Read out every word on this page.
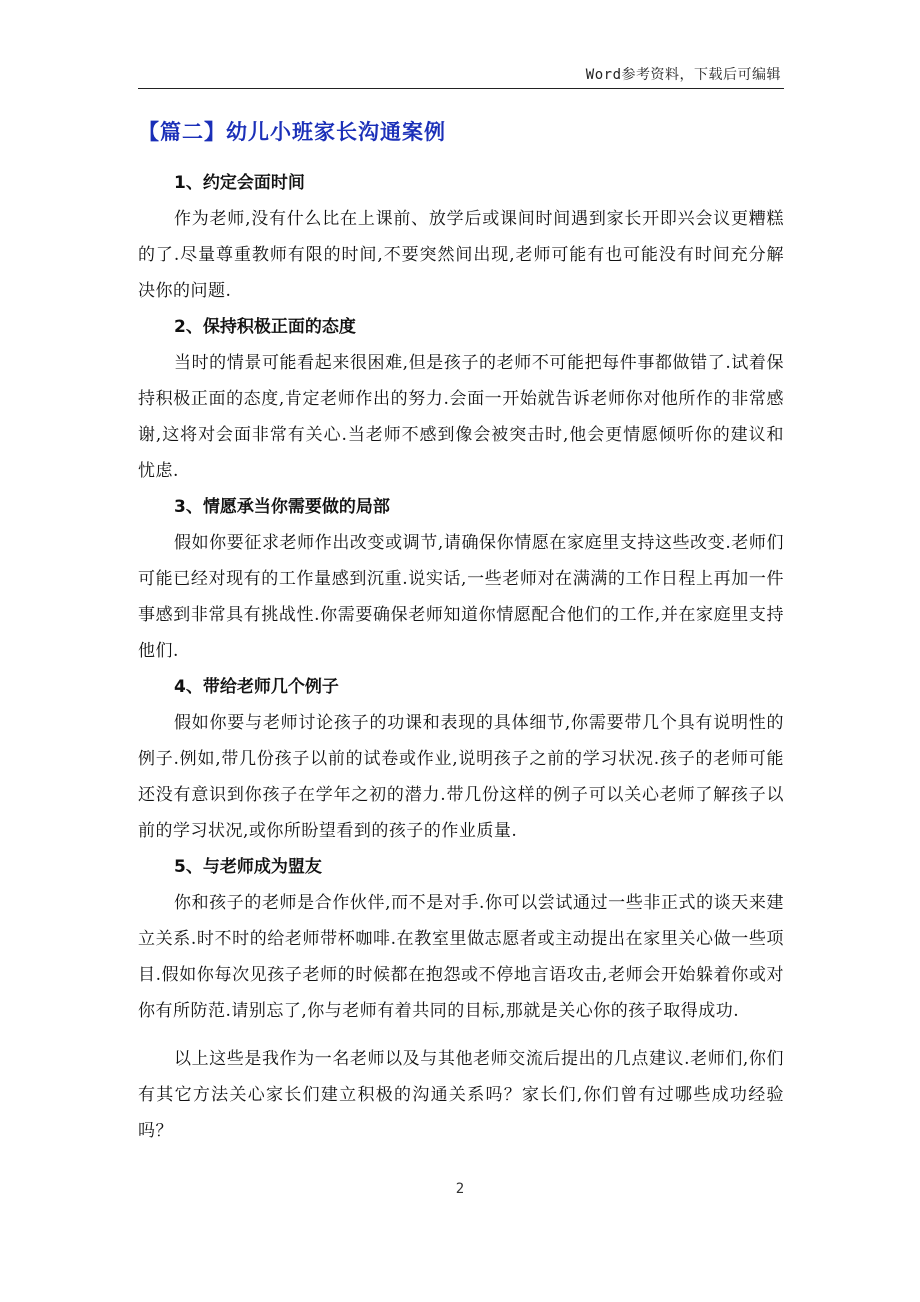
Word参考资料，下载后可编辑
【篇二】幼儿小班家长沟通案例
1、约定会面时间

作为老师,没有什么比在上课前、放学后或课间时间遇到家长开即兴会议更糟糕的了.尽量尊重教师有限的时间,不要突然间出现,老师可能有也可能没有时间充分解决你的问题.

2、保持积极正面的态度

当时的情景可能看起来很困难,但是孩子的老师不可能把每件事都做错了.试着保持积极正面的态度,肯定老师作出的努力.会面一开始就告诉老师你对他所作的非常感谢,这将对会面非常有关心.当老师不感到像会被突击时,他会更情愿倾听你的建议和忧虑.

3、情愿承当你需要做的局部

假如你要征求老师作出改变或调节,请确保你情愿在家庭里支持这些改变.老师们可能已经对现有的工作量感到沉重.说实话,一些老师对在满满的工作日程上再加一件事感到非常具有挑战性.你需要确保老师知道你情愿配合他们的工作,并在家庭里支持他们.

4、带给老师几个例子

假如你要与老师讨论孩子的功课和表现的具体细节,你需要带几个具有说明性的例子.例如,带几份孩子以前的试卷或作业,说明孩子之前的学习状况.孩子的老师可能还没有意识到你孩子在学年之初的潜力.带几份这样的例子可以关心老师了解孩子以前的学习状况,或你所盼望看到的孩子的作业质量.

5、与老师成为盟友

你和孩子的老师是合作伙伴,而不是对手.你可以尝试通过一些非正式的谈天来建立关系.时不时的给老师带杯咖啡.在教室里做志愿者或主动提出在家里关心做一些项目.假如你每次见孩子老师的时候都在抱怨或不停地言语攻击,老师会开始躲着你或对你有所防范.请别忘了,你与老师有着共同的目标,那就是关心你的孩子取得成功.

以上这些是我作为一名老师以及与其他老师交流后提出的几点建议.老师们,你们有其它方法关心家长们建立积极的沟通关系吗？家长们,你们曾有过哪些成功经验吗？

2
